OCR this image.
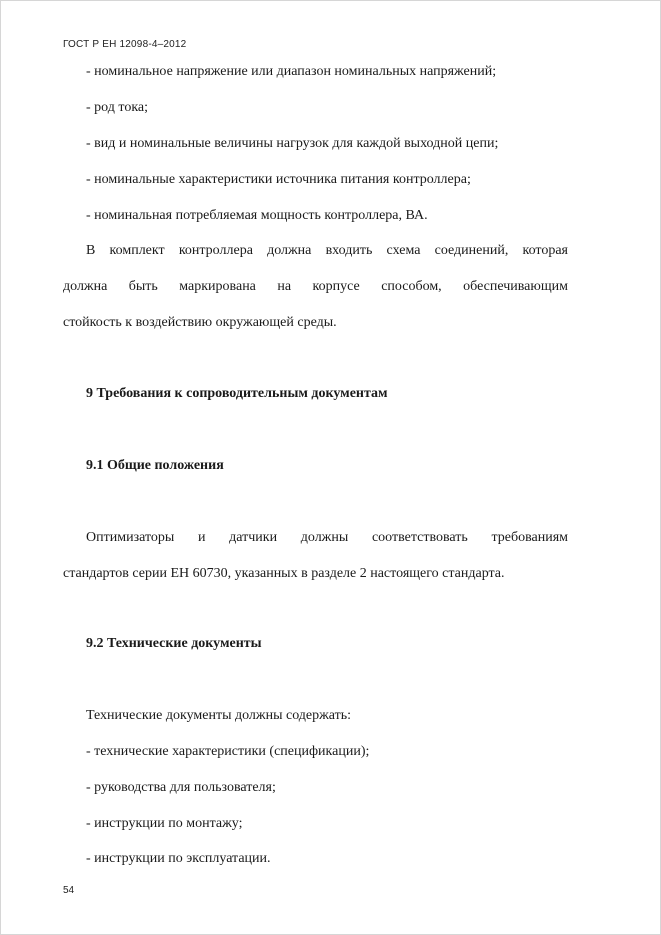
ГОСТ Р ЕН 12098-4–2012
- номинальное напряжение или диапазон номинальных напряжений;
- род тока;
- вид и номинальные величины нагрузок для каждой выходной цепи;
- номинальные характеристики источника питания контроллера;
- номинальная потребляемая мощность контроллера, ВА.
В комплект контроллера должна входить схема соединений, которая
должна быть маркирована на корпусе способом, обеспечивающим
стойкость к воздействию окружающей среды.
9 Требования к сопроводительным документам
9.1 Общие положения
Оптимизаторы и датчики должны соответствовать требованиям
стандартов серии ЕН 60730, указанных в разделе 2 настоящего стандарта.
9.2 Технические документы
Технические документы должны содержать:
- технические характеристики (спецификации);
- руководства для пользователя;
- инструкции по монтажу;
- инструкции по эксплуатации.
54
